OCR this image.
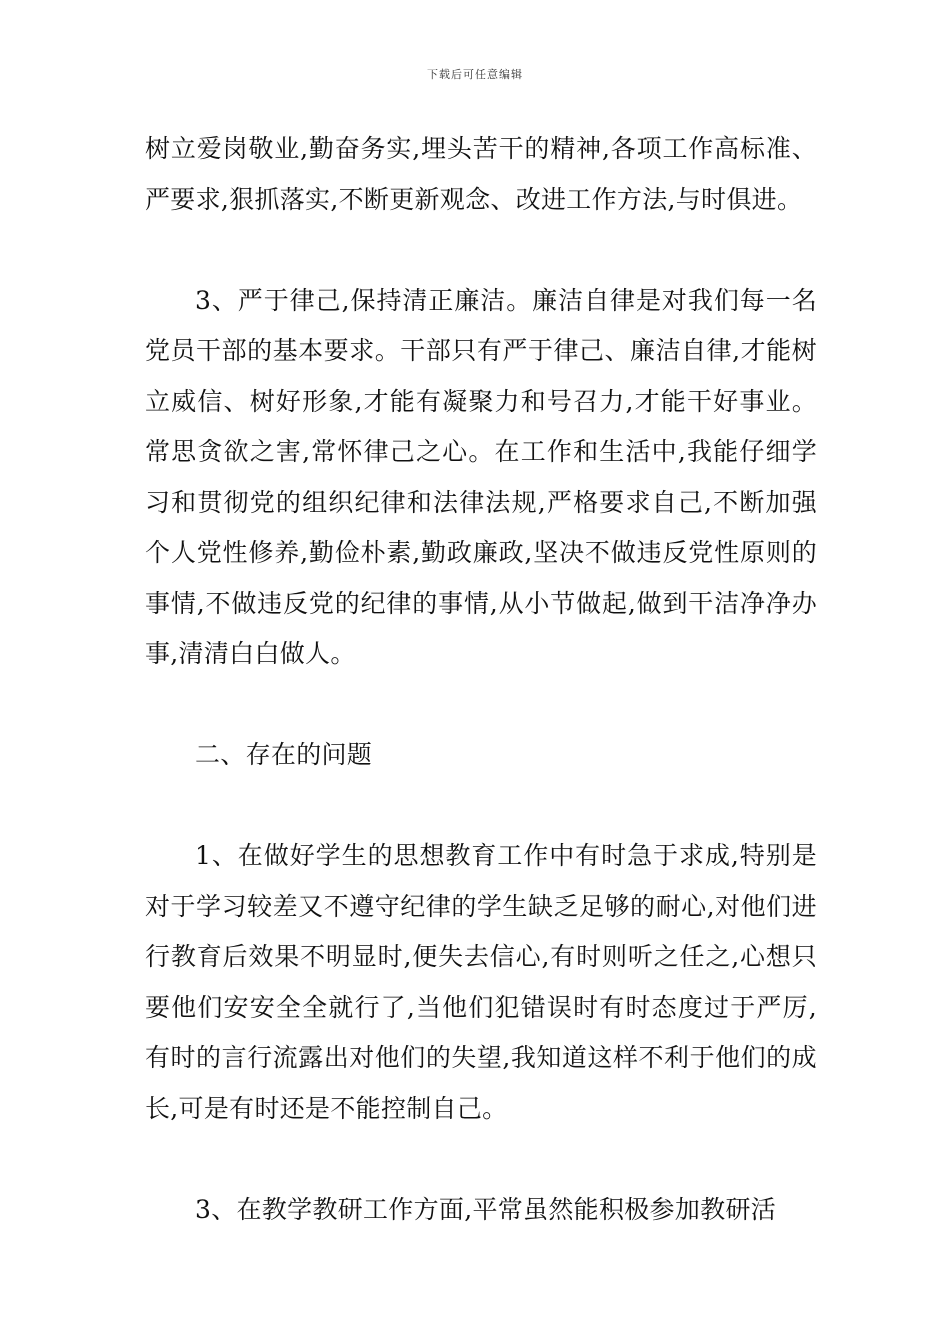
下载后可任意编辑

树立爱岗敬业,勤奋务实,埋头苦干的精神,各项工作高标准、严要求,狠抓落实,不断更新观念、改进工作方法,与时俱进。

3、严于律己,保持清正廉洁。廉洁自律是对我们每一名党员干部的基本要求。干部只有严于律己、廉洁自律,才能树立威信、树好形象,才能有凝聚力和号召力,才能干好事业。常思贪欲之害,常怀律己之心。在工作和生活中,我能仔细学习和贯彻党的组织纪律和法律法规,严格要求自己,不断加强个人党性修养,勤俭朴素,勤政廉政,坚决不做违反党性原则的事情,不做违反党的纪律的事情,从小节做起,做到干洁净净办事,清清白白做人。

二、存在的问题

1、在做好学生的思想教育工作中有时急于求成,特别是对于学习较差又不遵守纪律的学生缺乏足够的耐心,对他们进行教育后效果不明显时,便失去信心,有时则听之任之,心想只要他们安安全全就行了,当他们犯错误时有时态度过于严厉,有时的言行流露出对他们的失望,我知道这样不利于他们的成长,可是有时还是不能控制自己。

3、在教学教研工作方面,平常虽然能积极参加教研活
